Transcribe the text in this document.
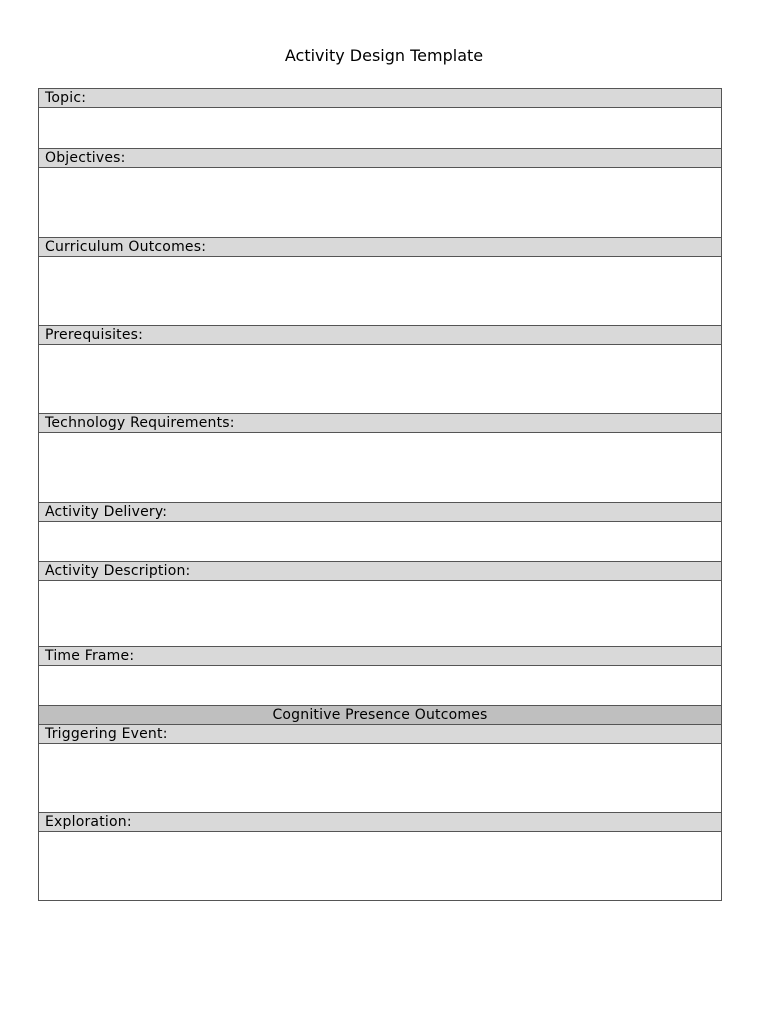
Activity Design Template
Topic:

Objectives:

Curriculum Outcomes:

Prerequisites:

Technology Requirements:

Activity Delivery:

Activity Description:

Time Frame:

Cognitive Presence Outcomes
Triggering Event:

Exploration:
